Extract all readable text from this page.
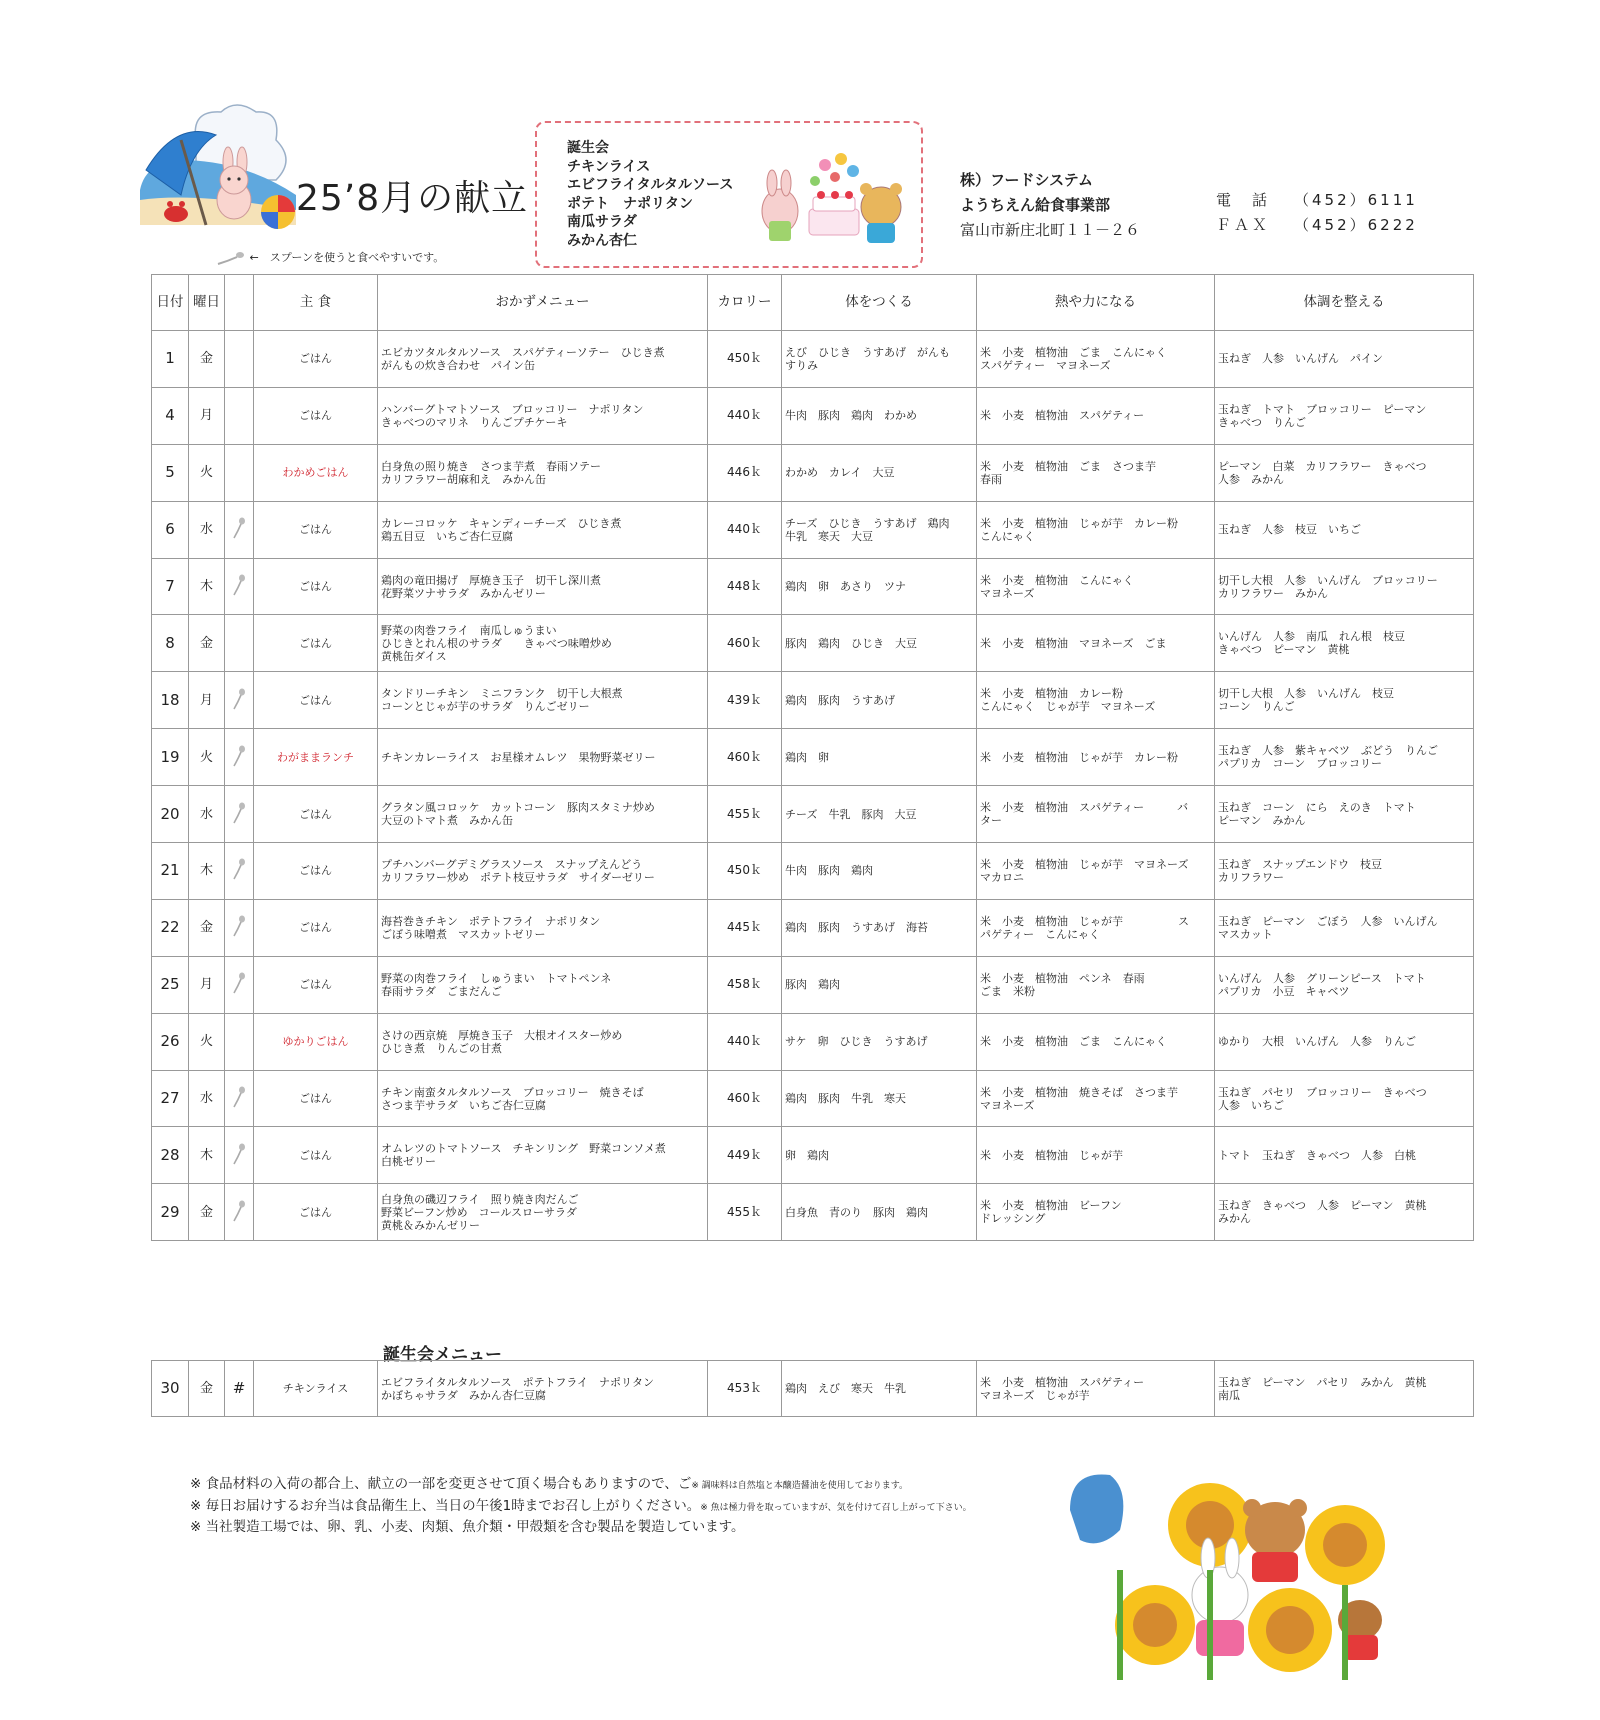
25’8月の献立
誕生会
チキンライス
エビフライタルタルソース
ポテト　ナポリタン
南瓜サラダ
みかん杏仁
株）フードシステム
ようちえん給食事業部
富山市新庄北町１１－２６
電　話 （452）6111
ＦＡＸ （452）6222
←　スプーンを使うと食べやすいです。
日付	曜日		主 食	おかずメニュー	カロリー	体をつくる	熱や力になる	体調を整える
1	金		ごはん	エビカツタルタルソース　スパゲティーソテー　ひじき煮
がんもの炊き合わせ　パイン缶	450ｋ	えび　ひじき　うすあげ　がんも
すりみ	米　小麦　植物油　ごま　こんにゃく
スパゲティー　マヨネーズ	玉ねぎ　人参　いんげん　パイン
4	月		ごはん	ハンバーグトマトソース　ブロッコリー　ナポリタン
きゃべつのマリネ　りんごプチケーキ	440ｋ	牛肉　豚肉　鶏肉　わかめ	米　小麦　植物油　スパゲティー	玉ねぎ　トマト　ブロッコリー　ピーマン
きゃべつ　りんご
5	火		わかめごはん	白身魚の照り焼き　さつま芋煮　春雨ソテー
カリフラワー胡麻和え　みかん缶	446ｋ	わかめ　カレイ　大豆	米　小麦　植物油　ごま　さつま芋
春雨	ピーマン　白菜　カリフラワー　きゃべつ
人参　みかん
6	水		ごはん	カレーコロッケ　キャンディーチーズ　ひじき煮
鶏五目豆　いちご杏仁豆腐	440ｋ	チーズ　ひじき　うすあげ　鶏肉
牛乳　寒天　大豆	米　小麦　植物油　じゃが芋　カレー粉
こんにゃく	玉ねぎ　人参　枝豆　いちご
7	木		ごはん	鶏肉の竜田揚げ　厚焼き玉子　切干し深川煮
花野菜ツナサラダ　みかんゼリー	448ｋ	鶏肉　卵　あさり　ツナ	米　小麦　植物油　こんにゃく
マヨネーズ	切干し大根　人参　いんげん　ブロッコリー
カリフラワー　みかん
8	金		ごはん	野菜の肉巻フライ　南瓜しゅうまい
ひじきとれん根のサラダ　　きゃべつ味噌炒め
黄桃缶ダイス	460ｋ	豚肉　鶏肉　ひじき　大豆	米　小麦　植物油　マヨネーズ　ごま	いんげん　人参　南瓜　れん根　枝豆
きゃべつ　ピーマン　黄桃
18	月		ごはん	タンドリーチキン　ミニフランク　切干し大根煮
コーンとじゃが芋のサラダ　りんごゼリー	439ｋ	鶏肉　豚肉　うすあげ	米　小麦　植物油　カレー粉
こんにゃく　じゃが芋　マヨネーズ	切干し大根　人参　いんげん　枝豆
コーン　りんご
19	火		わがままランチ	チキンカレーライス　お星様オムレツ　果物野菜ゼリー	460ｋ	鶏肉　卵	米　小麦　植物油　じゃが芋　カレー粉	玉ねぎ　人参　紫キャベツ　ぶどう　りんご
パプリカ　コーン　ブロッコリー
20	水		ごはん	グラタン風コロッケ　カットコーン　豚肉スタミナ炒め
大豆のトマト煮　みかん缶	455ｋ	チーズ　牛乳　豚肉　大豆	米　小麦　植物油　スパゲティー　　　バ
ター	玉ねぎ　コーン　にら　えのき　トマト
ピーマン　みかん
21	木		ごはん	プチハンバーグデミグラスソース　スナップえんどう
カリフラワー炒め　ポテト枝豆サラダ　サイダーゼリー	450ｋ	牛肉　豚肉　鶏肉	米　小麦　植物油　じゃが芋　マヨネーズ
マカロニ	玉ねぎ　スナップエンドウ　枝豆
カリフラワー
22	金		ごはん	海苔巻きチキン　ポテトフライ　ナポリタン
ごぼう味噌煮　マスカットゼリー	445ｋ	鶏肉　豚肉　うすあげ　海苔	米　小麦　植物油　じゃが芋　　　　　ス
パゲティー　こんにゃく	玉ねぎ　ピーマン　ごぼう　人参　いんげん
マスカット
25	月		ごはん	野菜の肉巻フライ　しゅうまい　トマトペンネ
春雨サラダ　ごまだんご	458ｋ	豚肉　鶏肉	米　小麦　植物油　ペンネ　春雨
ごま　米粉	いんげん　人参　グリーンピース　トマト
パプリカ　小豆　キャベツ
26	火		ゆかりごはん	さけの西京焼　厚焼き玉子　大根オイスター炒め
ひじき煮　りんごの甘煮	440ｋ	サケ　卵　ひじき　うすあげ	米　小麦　植物油　ごま　こんにゃく	ゆかり　大根　いんげん　人参　りんご
27	水		ごはん	チキン南蛮タルタルソース　ブロッコリー　焼きそば
さつま芋サラダ　いちご杏仁豆腐	460ｋ	鶏肉　豚肉　牛乳　寒天	米　小麦　植物油　焼きそば　さつま芋
マヨネーズ	玉ねぎ　パセリ　ブロッコリー　きゃべつ
人参　いちご
28	木		ごはん	オムレツのトマトソース　チキンリング　野菜コンソメ煮
白桃ゼリー	449ｋ	卵　鶏肉	米　小麦　植物油　じゃが芋	トマト　玉ねぎ　きゃべつ　人参　白桃
29	金		ごはん	白身魚の磯辺フライ　照り焼き肉だんご
野菜ビーフン炒め　コールスローサラダ
黄桃＆みかんゼリー	455ｋ	白身魚　青のり　豚肉　鶏肉	米　小麦　植物油　ビーフン
ドレッシング	玉ねぎ　きゃべつ　人参　ピーマン　黄桃
みかん
誕生会メニュー
30	金	#	チキンライス	エビフライタルタルソース　ポテトフライ　ナポリタン
かぼちゃサラダ　みかん杏仁豆腐	453ｋ	鶏肉　えび　寒天　牛乳	米　小麦　植物油　スパゲティー
マヨネーズ　じゃが芋	玉ねぎ　ピーマン　パセリ　みかん　黄桃
南瓜
※ 食品材料の入荷の都合上、献立の一部を変更させて頂く場合もありますので、ご※ 調味料は自然塩と本醸造醤油を使用しております。
※ 毎日お届けするお弁当は食品衛生上、当日の午後1時までお召し上がりください。※ 魚は極力骨を取っていますが、気を付けて召し上がって下さい。
※ 当社製造工場では、卵、乳、小麦、肉類、魚介類・甲殻類を含む製品を製造しています。
